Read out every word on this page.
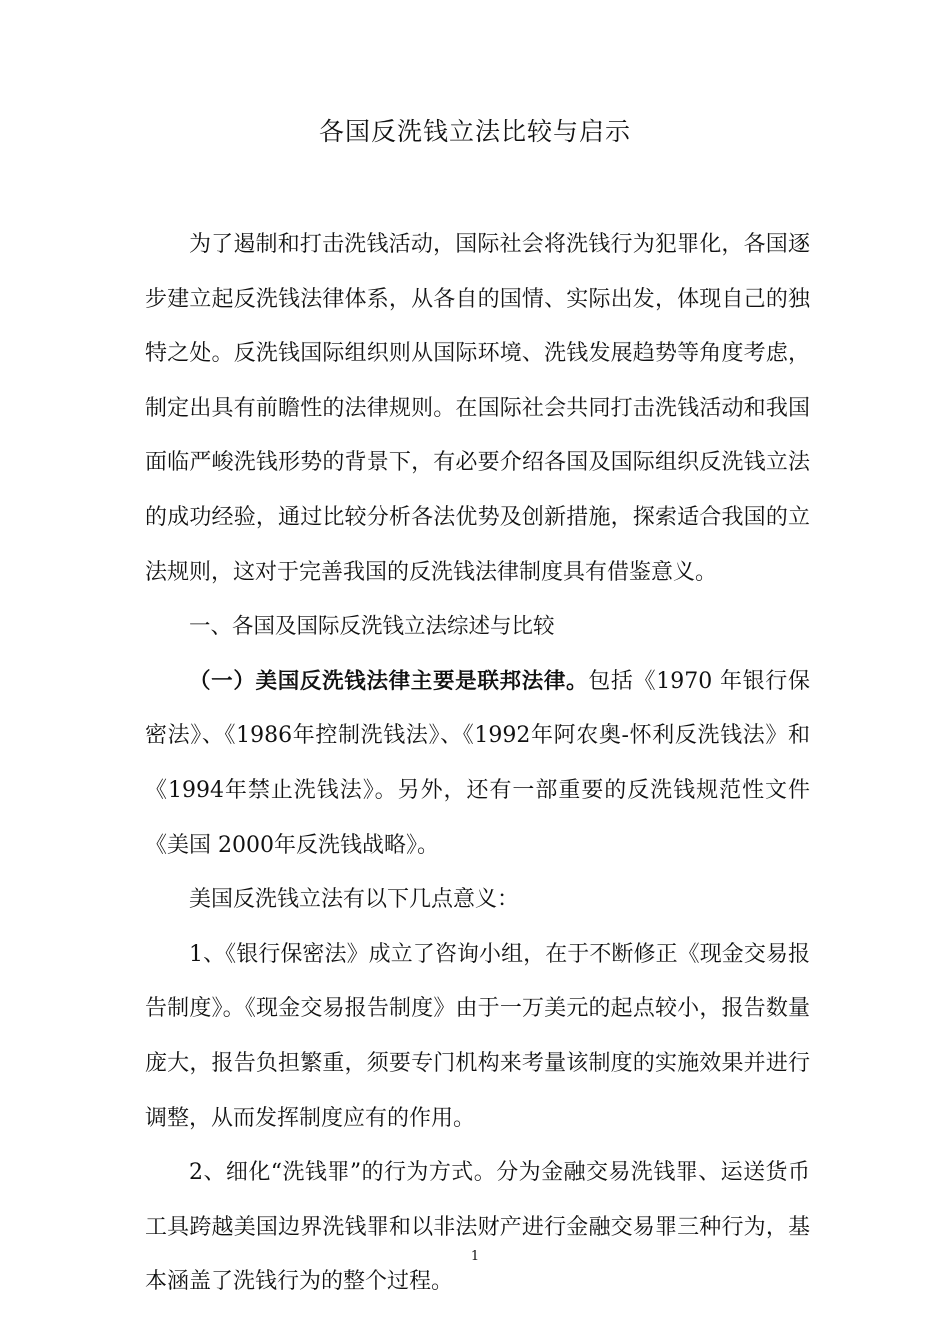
各国反洗钱立法比较与启示

为了遏制和打击洗钱活动，国际社会将洗钱行为犯罪化，各国逐步建立起反洗钱法律体系，从各自的国情、实际出发，体现自己的独特之处。反洗钱国际组织则从国际环境、洗钱发展趋势等角度考虑，制定出具有前瞻性的法律规则。在国际社会共同打击洗钱活动和我国面临严峻洗钱形势的背景下，有必要介绍各国及国际组织反洗钱立法的成功经验，通过比较分析各法优势及创新措施，探索适合我国的立法规则，这对于完善我国的反洗钱法律制度具有借鉴意义。

一、各国及国际反洗钱立法综述与比较

（一）美国反洗钱法律主要是联邦法律。包括《1970 年银行保密法》、《1986年控制洗钱法》、《1992年阿农奥-怀利反洗钱法》和《1994年禁止洗钱法》。另外，还有一部重要的反洗钱规范性文件《美国 2000年反洗钱战略》。

美国反洗钱立法有以下几点意义：

1、《银行保密法》成立了咨询小组，在于不断修正《现金交易报告制度》。《现金交易报告制度》由于一万美元的起点较小，报告数量庞大，报告负担繁重，须要专门机构来考量该制度的实施效果并进行调整，从而发挥制度应有的作用。

2、细化“洗钱罪”的行为方式。分为金融交易洗钱罪、运送货币工具跨越美国边界洗钱罪和以非法财产进行金融交易罪三种行为，基本涵盖了洗钱行为的整个过程。

1
